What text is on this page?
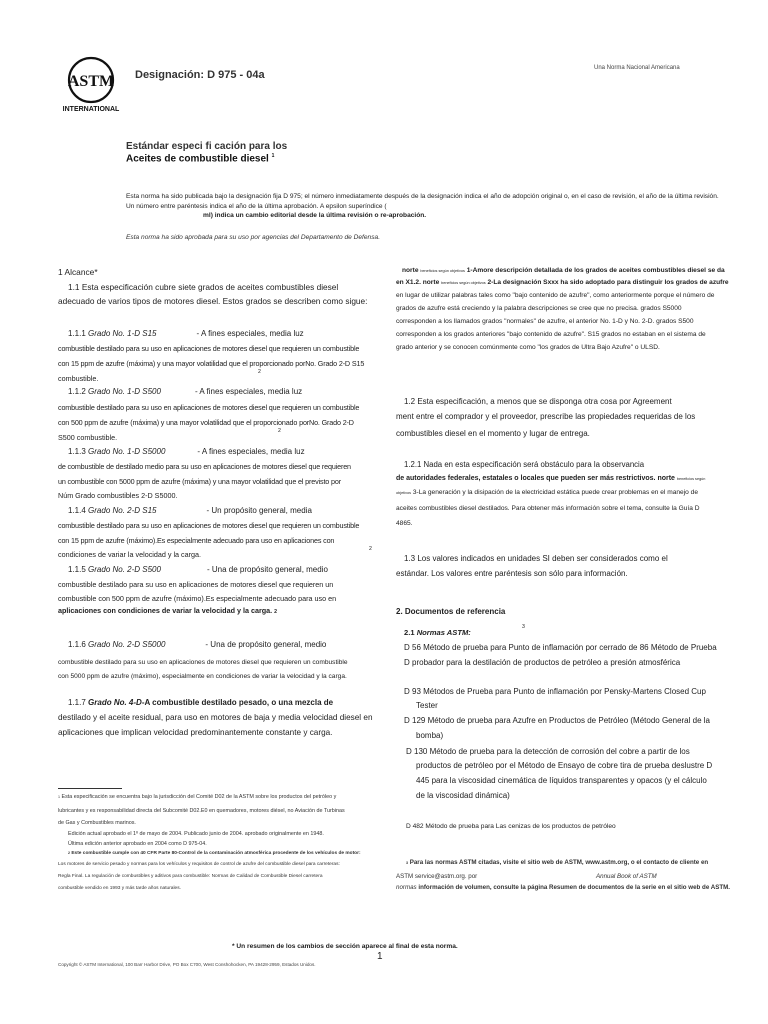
ASTM
INTERNATIONAL
Designación: D 975 - 04a
Una Norma Nacional Americana
Estándar especi fi cación para los
Aceites de combustible diesel $^1$
Esta norma ha sido publicada bajo la designación fija D 975; el número inmediatamente después de la designación indica el año de adopción original o, en el caso de revisión, el año de la última revisión. Un número entre paréntesis indica el año de la última aprobación. A epsilon superíndice (
ml) indica un cambio editorial desde la última revisión o re-aprobación.
Esta norma ha sido aprobada para su uso por agencias del Departamento de Defensa.
1 Alcance*
1.1 Esta especificación cubre siete grados de aceites combustibles diesel
adecuado de varios tipos de motores diesel. Estos grados se describen como sigue:
1.1.1 Grado No. 1-D S15	- A fines especiales, media luz
combustible destilado para su uso en aplicaciones de motores diesel que requieren un combustible
con 15 ppm de azufre (máxima) y una mayor volatilidad que el proporcionado porNo. Grado 2-D S15
combustible.
2
1.1.2 Grado No. 1-D S500	- A fines especiales, media luz
combustible destilado para su uso en aplicaciones de motores diesel que requieren un combustible
con 500 ppm de azufre (máxima) y una mayor volatilidad que el proporcionado porNo. Grado 2-D
S500 combustible.
2
1.1.3 Grado No. 1-D S5000	- A fines especiales, media luz
de combustible de destilado medio para su uso en aplicaciones de motores diesel que requieren
un combustible con 5000 ppm de azufre (máxima) y una mayor volatilidad que el previsto por
Núm Grado combustibles 2-D S5000.
1.1.4 Grado No. 2-D S15	- Un propósito general, media
combustible destilado para su uso en aplicaciones de motores diesel que requieren un combustible
con 15 ppm de azufre (máximo).Es especialmente adecuado para uso en aplicaciones con
condiciones de variar la velocidad y la carga.
2
1.1.5 Grado No. 2-D S500	- Una de propósito general, medio
combustible destilado para su uso en aplicaciones de motores diesel que requieren un
combustible con 500 ppm de azufre (máximo).Es especialmente adecuado para uso en
aplicaciones con condiciones de variar la velocidad y la carga. 2
1.1.6 Grado No. 2-D S5000	- Una de propósito general, medio
combustible destilado para su uso en aplicaciones de motores diesel que requieren un combustible
con 5000 ppm de azufre (máximo), especialmente en condiciones de variar la velocidad y la carga.
1.1.7 Grado No. 4-D-A combustible destilado pesado, o una mezcla de
destilado y el aceite residual, para uso en motores de baja y media velocidad diesel en
aplicaciones que implican velocidad predominantemente constante y carga.
norte beneficios según objetivos 1-Amore descripción detallada de los grados de aceites combustibles diesel se da
en X1.2. norte beneficios según objetivos 2-La designación Sxxx ha sido adoptado para distinguir los grados de azufre
en lugar de utilizar palabras tales como "bajo contenido de azufre", como anteriormente porque el número de
grados de azufre está creciendo y la palabra descripciones se cree que no precisa. grados S5000
corresponden a los llamados grados "normales" de azufre, el anterior No. 1-D y No. 2-D. grados S500
corresponden a los grados anteriores "bajo contenido de azufre". S15 grados no estaban en el sistema de
grado anterior y se conocen comúnmente como "los grados de Ultra Bajo Azufre" o ULSD.
1.2 Esta especificación, a menos que se disponga otra cosa por Agreement
ment entre el comprador y el proveedor, prescribe las propiedades requeridas de los
combustibles diesel en el momento y lugar de entrega.
1.2.1 Nada en esta especificación será obstáculo para la observancia
de autoridades federales, estatales o locales que pueden ser más restrictivos. norte beneficios según
objetivos 3-La generación y la disipación de la electricidad estática puede crear problemas en el manejo de
aceites combustibles diesel destilados. Para obtener más información sobre el tema, consulte la Guía D
4865.
1.3 Los valores indicados en unidades SI deben ser considerados como el
estándar. Los valores entre paréntesis son sólo para información.
2. Documentos de referencia
2.1 Normas ASTM:
3
D 56 Método de prueba para Punto de inflamación por cerrado de 86 Método de Prueba
D probador para la destilación de productos de petróleo a presión atmosférica
D 93 Métodos de Prueba para Punto de inflamación por Pensky-Martens Closed Cup
Tester
D 129 Método de prueba para Azufre en Productos de Petróleo (Método General de la
bomba)
D 130 Método de prueba para la detección de corrosión del cobre a partir de los
productos de petróleo por el Método de Ensayo de cobre tira de prueba deslustre D
445 para la viscosidad cinemática de líquidos transparentes y opacos (y el cálculo
de la viscosidad dinámica)
D 482 Método de prueba para Las cenizas de los productos de petróleo
1 Esta especificación se encuentra bajo la jurisdicción del Comité D02 de la ASTM sobre los productos del petróleo y
lubricantes y es responsabilidad directa del Subcomité D02.E0 en quemadores, motores diésel, no Aviación de Turbinas
de Gas y Combustibles marinos.
Edición actual aprobado el 1º de mayo de 2004. Publicado junio de 2004. aprobado originalmente en 1948.
Última edición anterior aprobado en 2004 como D 975-04.
2 Este combustible cumple con 40 CFR Parte 80-Control de la contaminación atmosférica procedente de los vehículos de motor:
Los motores de servicio pesado y normas para los vehículos y requisitos de control de azufre del combustible diesel para carreteras:
Regla Final. La regulación de combustibles y aditivos para combustible: Normas de Calidad de Combustible Diesel carretera
combustible vendido en 1993 y más tarde años naturales.
3 Para las normas ASTM citadas, visite el sitio web de ASTM, www.astm.org, o el contacto de cliente en
ASTM service@astm.org. por	Annual Book of ASTM
normas información de volumen, consulte la página Resumen de documentos de la serie en el sitio web de ASTM.
* Un resumen de los cambios de sección aparece al final de esta norma.
Copyright © ASTM International, 100 Barr Harbor Drive, PO Box C700, West Conshohocken, PA 19428-2959, Estados Unidos.
1
